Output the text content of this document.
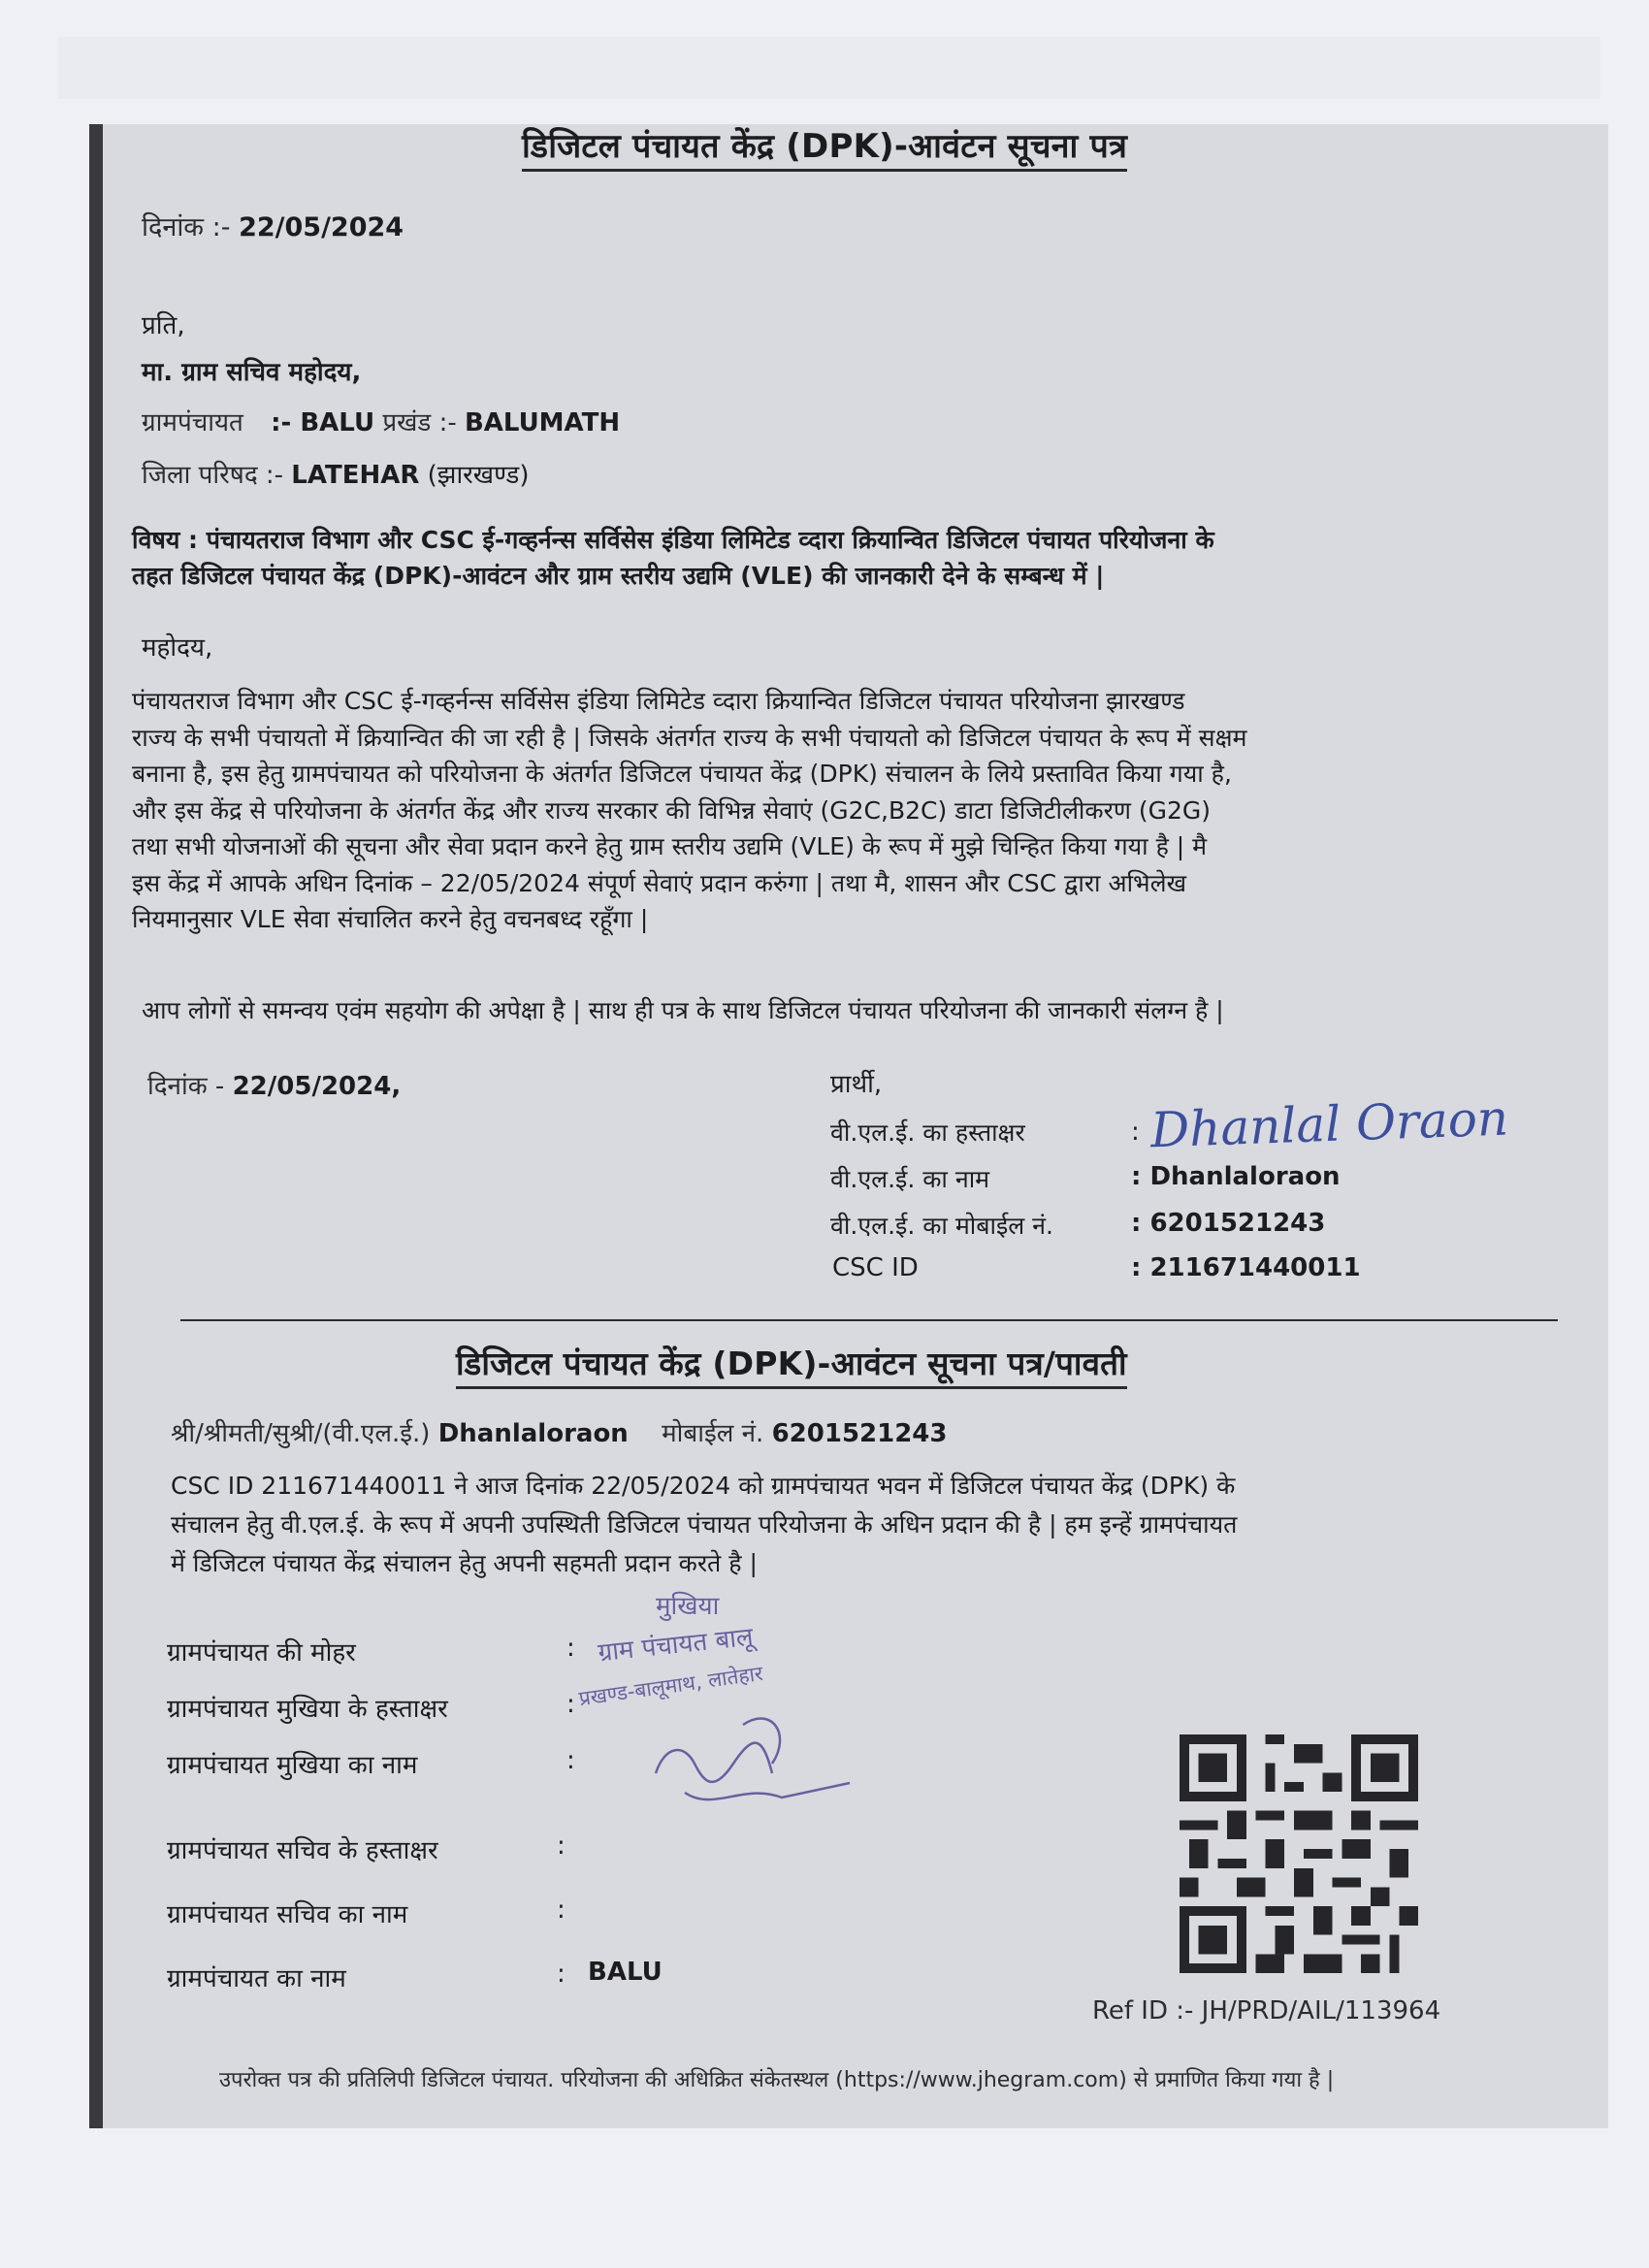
डिजिटल पंचायत केंद्र (DPK)-आवंटन सूचना पत्र
दिनांक :- 22/05/2024
प्रति,
मा. ग्राम सचिव महोदय,
ग्रामपंचायत :- BALU प्रखंड :- BALUMATH
जिला परिषद :- LATEHAR (झारखण्ड)
विषय : पंचायतराज विभाग और CSC ई-गव्हर्नन्स सर्विसेस इंडिया लिमिटेड व्दारा क्रियान्वित डिजिटल पंचायत परियोजना के
तहत डिजिटल पंचायत केंद्र (DPK)-आवंटन और ग्राम स्तरीय उद्यमि (VLE) की जानकारी देने के सम्बन्ध में |
महोदय,
पंचायतराज विभाग और CSC ई-गव्हर्नन्स सर्विसेस इंडिया लिमिटेड व्दारा क्रियान्वित डिजिटल पंचायत परियोजना झारखण्ड
राज्य के सभी पंचायतो में क्रियान्वित की जा रही है | जिसके अंतर्गत राज्य के सभी पंचायतो को डिजिटल पंचायत के रूप में सक्षम
बनाना है, इस हेतु ग्रामपंचायत को परियोजना के अंतर्गत डिजिटल पंचायत केंद्र (DPK) संचालन के लिये प्रस्तावित किया गया है,
और इस केंद्र से परियोजना के अंतर्गत केंद्र और राज्य सरकार की विभिन्न सेवाएं (G2C,B2C) डाटा डिजिटीलीकरण (G2G)
तथा सभी योजनाओं की सूचना और सेवा प्रदान करने हेतु ग्राम स्तरीय उद्यमि (VLE) के रूप में मुझे चिन्हित किया गया है | मै
इस केंद्र में आपके अधिन दिनांक – 22/05/2024 संपूर्ण सेवाएं प्रदान करुंगा | तथा मै, शासन और CSC द्वारा अभिलेख
नियमानुसार VLE सेवा संचालित करने हेतु वचनबध्द रहूँगा |
आप लोगों से समन्वय एवंम सहयोग की अपेक्षा है | साथ ही पत्र के साथ डिजिटल पंचायत परियोजना की जानकारी संलग्न है |
दिनांक - 22/05/2024,	प्रार्थी,
वी.एल.ई. का हस्ताक्षर	: Dhanlal Oraon
वी.एल.ई. का नाम	: Dhanlaloraon
वी.एल.ई. का मोबाईल नं.	: 6201521243
CSC ID	: 211671440011
डिजिटल पंचायत केंद्र (DPK)-आवंटन सूचना पत्र/पावती
श्री/श्रीमती/सुश्री/(वी.एल.ई.) Dhanlaloraon मोबाईल नं. 6201521243
CSC ID 211671440011 ने आज दिनांक 22/05/2024 को ग्रामपंचायत भवन में डिजिटल पंचायत केंद्र (DPK) के
संचालन हेतु वी.एल.ई. के रूप में अपनी उपस्थिती डिजिटल पंचायत परियोजना के अधिन प्रदान की है | हम इन्हें ग्रामपंचायत
में डिजिटल पंचायत केंद्र संचालन हेतु अपनी सहमती प्रदान करते है |
ग्रामपंचायत की मोहर	:
ग्रामपंचायत मुखिया के हस्ताक्षर	:
ग्रामपंचायत मुखिया का नाम	:
ग्रामपंचायत सचिव के हस्ताक्षर	:
ग्रामपंचायत सचिव का नाम	:
ग्रामपंचायत का नाम	: BALU
मुखिया
ग्राम पंचायत बालू
प्रखण्ड-बालूमाथ, लातेहार
Ref ID :- JH/PRD/AIL/113964
उपरोक्त पत्र की प्रतिलिपी डिजिटल पंचायत. परियोजना की अधिक्रित संकेतस्थल (https://www.jhegram.com) से प्रमाणित किया गया है |
